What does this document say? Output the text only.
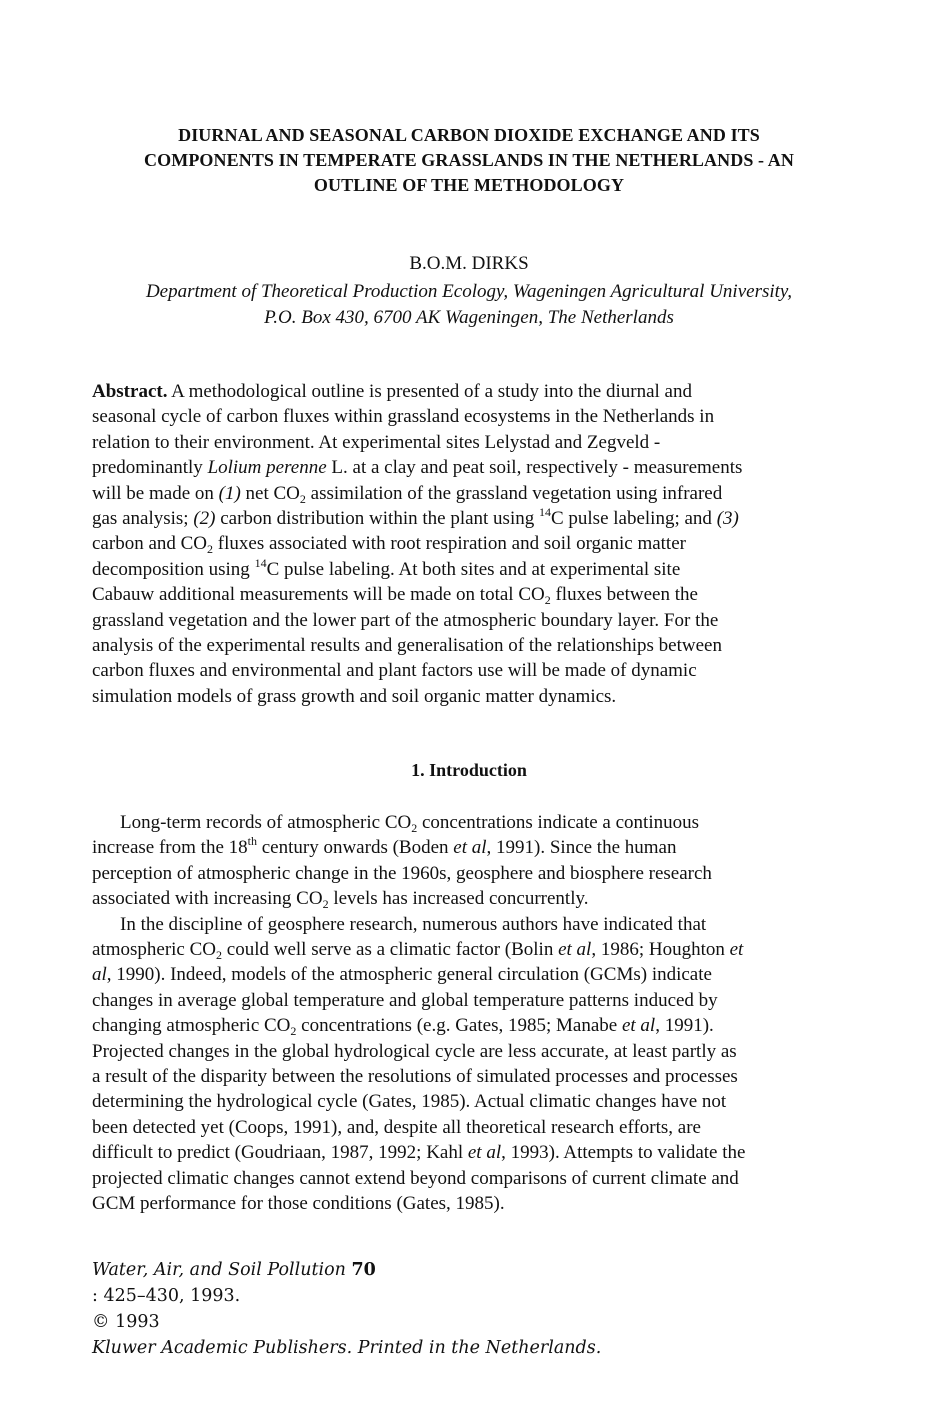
DIURNAL AND SEASONAL CARBON DIOXIDE EXCHANGE AND ITS
COMPONENTS IN TEMPERATE GRASSLANDS IN THE NETHERLANDS - AN
OUTLINE OF THE METHODOLOGY
B.O.M. DIRKS
Department of Theoretical Production Ecology, Wageningen Agricultural University,
P.O. Box 430, 6700 AK Wageningen, The Netherlands
Abstract. A methodological outline is presented of a study into the diurnal and
seasonal cycle of carbon fluxes within grassland ecosystems in the Netherlands in
relation to their environment. At experimental sites Lelystad and Zegveld -
predominantly Lolium perenne L. at a clay and peat soil, respectively - measurements
will be made on (1) net $CO_2$ assimilation of the grassland vegetation using infrared
gas analysis; (2) carbon distribution within the plant using $^{14}$C pulse labeling; and (3)
carbon and $CO_2$ fluxes associated with root respiration and soil organic matter
decomposition using $^{14}$C pulse labeling. At both sites and at experimental site
Cabauw additional measurements will be made on total $CO_2$ fluxes between the
grassland vegetation and the lower part of the atmospheric boundary layer. For the
analysis of the experimental results and generalisation of the relationships between
carbon fluxes and environmental and plant factors use will be made of dynamic
simulation models of grass growth and soil organic matter dynamics.
1. Introduction
Long-term records of atmospheric $CO_2$ concentrations indicate a continuous
increase from the 18th century onwards (Boden et al, 1991). Since the human
perception of atmospheric change in the 1960s, geosphere and biosphere research
associated with increasing $CO_2$ levels has increased concurrently.
In the discipline of geosphere research, numerous authors have indicated that
atmospheric $CO_2$ could well serve as a climatic factor (Bolin et al, 1986; Houghton et
al, 1990). Indeed, models of the atmospheric general circulation (GCMs) indicate
changes in average global temperature and global temperature patterns induced by
changing atmospheric $CO_2$ concentrations (e.g. Gates, 1985; Manabe et al, 1991).
Projected changes in the global hydrological cycle are less accurate, at least partly as
a result of the disparity between the resolutions of simulated processes and processes
determining the hydrological cycle (Gates, 1985). Actual climatic changes have not
been detected yet (Coops, 1991), and, despite all theoretical research efforts, are
difficult to predict (Goudriaan, 1987, 1992; Kahl et al, 1993). Attempts to validate the
projected climatic changes cannot extend beyond comparisons of current climate and
GCM performance for those conditions (Gates, 1985).
Water, Air, and Soil Pollution 70
: 425–430, 1993.
© 1993
Kluwer Academic Publishers. Printed in the Netherlands.
